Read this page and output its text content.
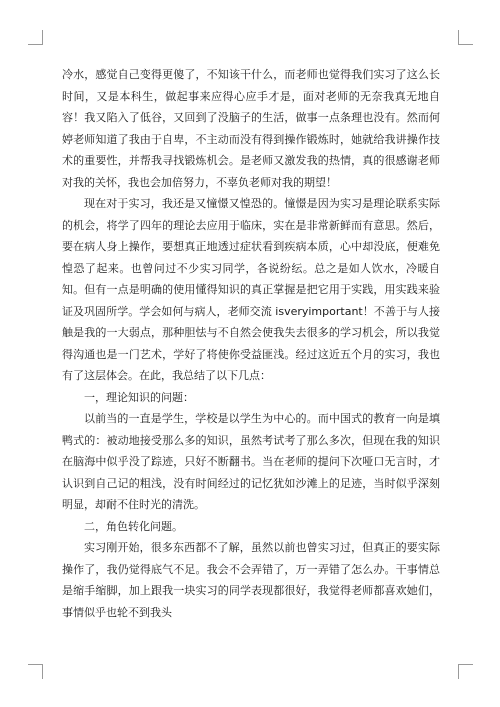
冷水，感觉自己变得更傻了，不知该干什么，而老师也觉得我们实习了这么长时间，又是本科生，做起事来应得心应手才是，面对老师的无奈我真无地自容！我又陷入了低谷，又回到了没脑子的生活，做事一点条理也没有。然而何婷老师知道了我由于自卑，不主动而没有得到操作锻炼时，她就给我讲操作技术的重要性，并帮我寻找锻炼机会。是老师又激发我的热情，真的很感谢老师对我的关怀，我也会加倍努力，不辜负老师对我的期望！

现在对于实习，我还是又憧憬又惶恐的。憧憬是因为实习是理论联系实际的机会，将学了四年的理论去应用于临床，实在是非常新鲜而有意思。然后，要在病人身上操作，要想真正地透过症状看到疾病本质，心中却没底，便难免惶恐了起来。也曾问过不少实习同学，各说纷纭。总之是如人饮水，冷暖自知。但有一点是明确的使用懂得知识的真正掌握是把它用于实践，用实践来验证及巩固所学。学会如何与病人，老师交流 isveryimportant！不善于与人接触是我的一大弱点，那种胆怯与不自然会使我失去很多的学习机会，所以我觉得沟通也是一门艺术，学好了将使你受益匪浅。经过这近五个月的实习，我也有了这层体会。在此，我总结了以下几点：

一，理论知识的问题：

以前当的一直是学生，学校是以学生为中心的。而中国式的教育一向是填鸭式的：被动地接受那么多的知识，虽然考试考了那么多次，但现在我的知识在脑海中似乎没了踪迹，只好不断翻书。当在老师的提问下次哑口无言时，才认识到自己记的粗浅，没有时间经过的记忆犹如沙滩上的足迹，当时似乎深刻明显，却耐不住时光的清洗。

二，角色转化问题。

实习刚开始，很多东西都不了解，虽然以前也曾实习过，但真正的要实际操作了，我仍觉得底气不足。我会不会弄错了，万一弄错了怎么办。干事情总是缩手缩脚，加上跟我一块实习的同学表现都很好，我觉得老师都喜欢她们，事情似乎也轮不到我头
